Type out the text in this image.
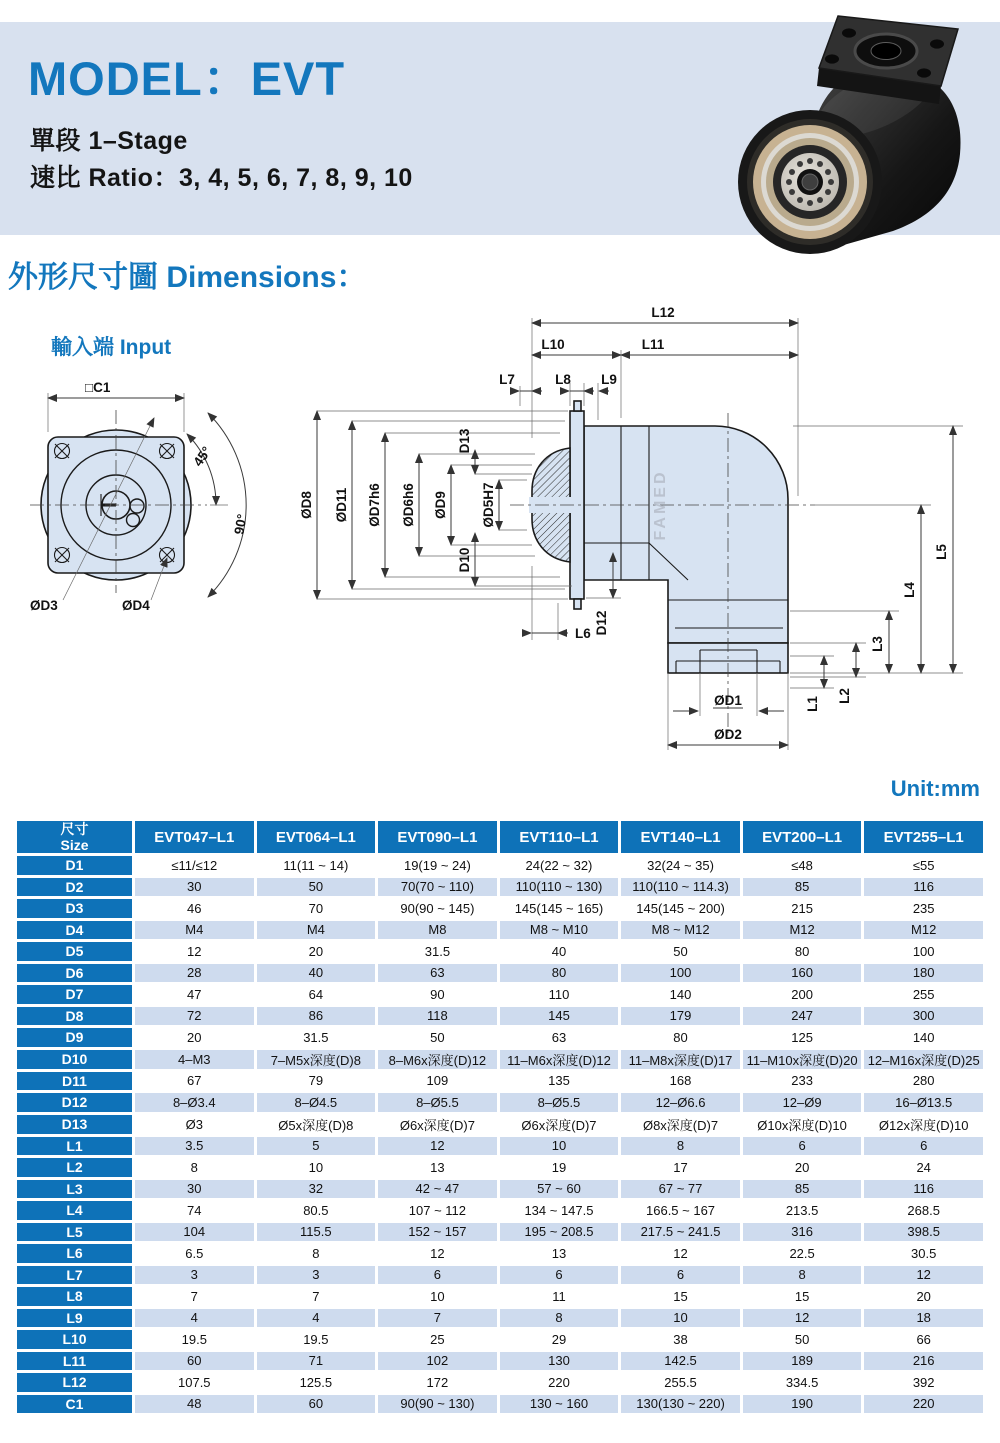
MODEL：EVT
單段 1–Stage
速比 Ratio：3, 4, 5, 6, 7, 8, 9, 10
外形尺寸圖 Dimensions：
輸入端 Input
□C1
45°
90°
ØD3	ØD4
FAMED
L12
L10	L11
L7	L8 L9
ØD8 ØD11 ØD7h6 ØD6h6 ØD9 ØD5H7
D13
D10
L6 D12
ØD1
ØD2
L1
L2
L3
L4
L5
Unit:mm
尺寸
Size	EVT047–L1	EVT064–L1	EVT090–L1	EVT110–L1	EVT140–L1	EVT200–L1	EVT255–L1
D1	≤11/≤12	11(11 ~ 14)	19(19 ~ 24)	24(22 ~ 32)	32(24 ~ 35)	≤48	≤55
D2	30	50	70(70 ~ 110)	110(110 ~ 130)	110(110 ~ 114.3)	85	116
D3	46	70	90(90 ~ 145)	145(145 ~ 165)	145(145 ~ 200)	215	235
D4	M4	M4	M8	M8 ~ M10	M8 ~ M12	M12	M12
D5	12	20	31.5	40	50	80	100
D6	28	40	63	80	100	160	180
D7	47	64	90	110	140	200	255
D8	72	86	118	145	179	247	300
D9	20	31.5	50	63	80	125	140
D10	4–M3	7–M5x深度(D)8	8–M6x深度(D)12	11–M6x深度(D)12	11–M8x深度(D)17	11–M10x深度(D)20	12–M16x深度(D)25
D11	67	79	109	135	168	233	280
D12	8–Ø3.4	8–Ø4.5	8–Ø5.5	8–Ø5.5	12–Ø6.6	12–Ø9	16–Ø13.5
D13	Ø3	Ø5x深度(D)8	Ø6x深度(D)7	Ø6x深度(D)7	Ø8x深度(D)7	Ø10x深度(D)10	Ø12x深度(D)10
L1	3.5	5	12	10	8	6	6
L2	8	10	13	19	17	20	24
L3	30	32	42 ~ 47	57 ~ 60	67 ~ 77	85	116
L4	74	80.5	107 ~ 112	134 ~ 147.5	166.5 ~ 167	213.5	268.5
L5	104	115.5	152 ~ 157	195 ~ 208.5	217.5 ~ 241.5	316	398.5
L6	6.5	8	12	13	12	22.5	30.5
L7	3	3	6	6	6	8	12
L8	7	7	10	11	15	15	20
L9	4	4	7	8	10	12	18
L10	19.5	19.5	25	29	38	50	66
L11	60	71	102	130	142.5	189	216
L12	107.5	125.5	172	220	255.5	334.5	392
C1	48	60	90(90 ~ 130)	130 ~ 160	130(130 ~ 220)	190	220
